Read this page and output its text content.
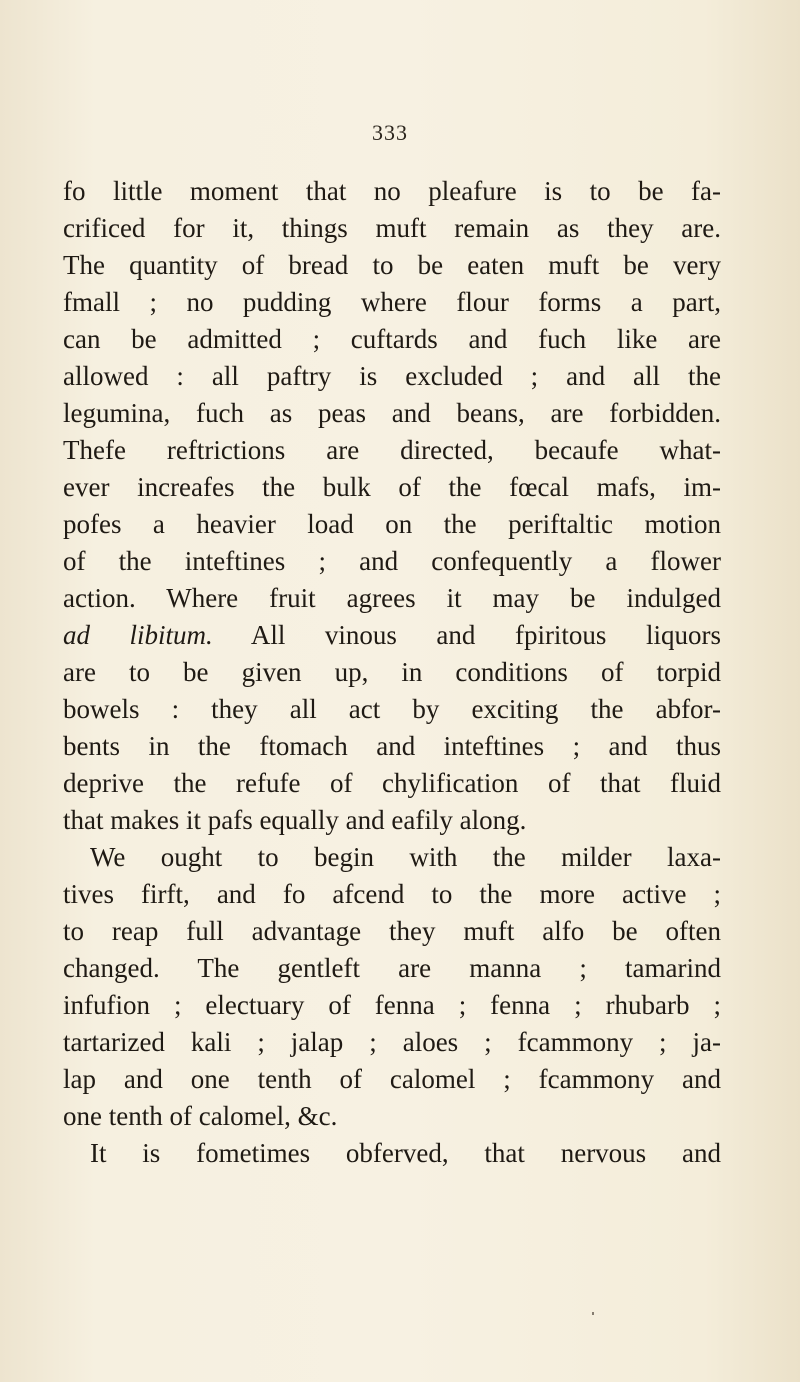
333
fo little moment that no pleafure is to be fa-
crificed for it, things muft remain as they are.
The quantity of bread to be eaten muft be very
fmall ; no pudding where flour forms a part,
can be admitted ; cuftards and fuch like are
allowed : all paftry is excluded ; and all the
legumina, fuch as peas and beans, are forbidden.
Thefe reftrictions are directed, becaufe what-
ever increafes the bulk of the fœcal mafs, im-
pofes a heavier load on the periftaltic motion
of the inteftines ; and confequently a flower
action. Where fruit agrees it may be indulged
ad libitum. All vinous and fpiritous liquors
are to be given up, in conditions of torpid
bowels : they all act by exciting the abfor-
bents in the ftomach and inteftines ; and thus
deprive the refufe of chylification of that fluid
that makes it pafs equally and eafily along.
We ought to begin with the milder laxa-
tives firft, and fo afcend to the more active ;
to reap full advantage they muft alfo be often
changed. The gentleft are manna ; tamarind
infufion ; electuary of fenna ; fenna ; rhubarb ;
tartarized kali ; jalap ; aloes ; fcammony ; ja-
lap and one tenth of calomel ; fcammony and
one tenth of calomel, &c.
It is fometimes obferved, that nervous and
